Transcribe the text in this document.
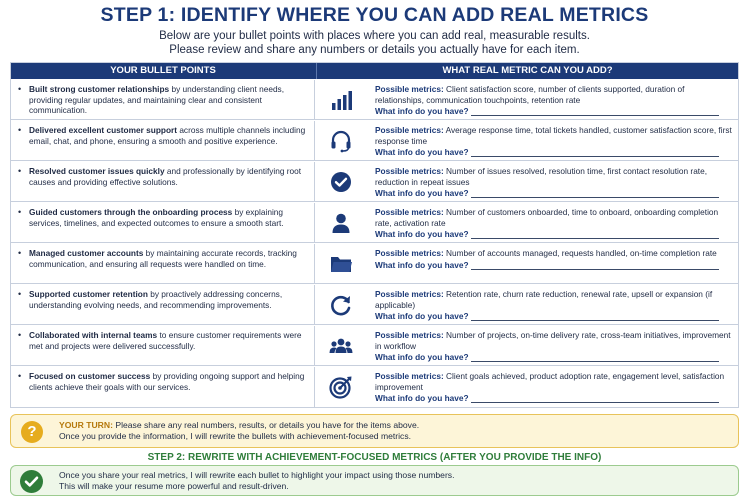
STEP 1: IDENTIFY WHERE YOU CAN ADD REAL METRICS
Below are your bullet points with places where you can add real, measurable results.
Please review and share any numbers or details you actually have for each item.
YOUR BULLET POINTS	WHAT REAL METRIC CAN YOU ADD?
• Built strong customer relationships by understanding client needs, providing regular updates, and maintaining clear and consistent communication.
Possible metrics: Client satisfaction score, number of clients supported, duration of relationships, communication touchpoints, retention rate
What info do you have?
• Delivered excellent customer support across multiple channels including email, chat, and phone, ensuring a smooth and positive experience.
Possible metrics: Average response time, total tickets handled, customer satisfaction score, first response time
What info do you have?
• Resolved customer issues quickly and professionally by identifying root causes and providing effective solutions.
Possible metrics: Number of issues resolved, resolution time, first contact resolution rate, reduction in repeat issues
What info do you have?
• Guided customers through the onboarding process by explaining services, timelines, and expected outcomes to ensure a smooth start.
Possible metrics: Number of customers onboarded, time to onboard, onboarding completion rate, activation rate
What info do you have?
• Managed customer accounts by maintaining accurate records, tracking communication, and ensuring all requests were handled on time.
Possible metrics: Number of accounts managed, requests handled, on-time completion rate
What info do you have?
• Supported customer retention by proactively addressing concerns, understanding evolving needs, and recommending improvements.
Possible metrics: Retention rate, churn rate reduction, renewal rate, upsell or expansion (if applicable)
What info do you have?
• Collaborated with internal teams to ensure customer requirements were met and projects were delivered successfully.
Possible metrics: Number of projects, on-time delivery rate, cross-team initiatives, improvement in workflow
What info do you have?
• Focused on customer success by providing ongoing support and helping clients achieve their goals with our services.
Possible metrics: Client goals achieved, product adoption rate, engagement level, satisfaction improvement
What info do you have?
?	YOUR TURN: Please share any real numbers, results, or details you have for the items above.
Once you provide the information, I will rewrite the bullets with achievement-focused metrics.
STEP 2: REWRITE WITH ACHIEVEMENT-FOCUSED METRICS (AFTER YOU PROVIDE THE INFO)
Once you share your real metrics, I will rewrite each bullet to highlight your impact using those numbers.
This will make your resume more powerful and result-driven.
